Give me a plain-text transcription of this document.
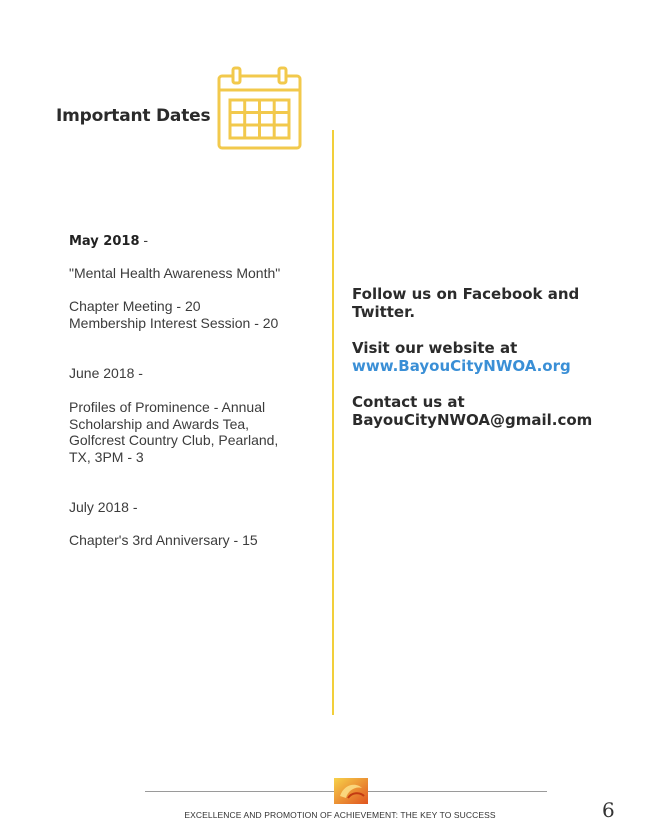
Important Dates
May 2018 -
"Mental Health Awareness Month"
Chapter Meeting - 20
Membership Interest Session - 20
June 2018 -
Profiles of Prominence - Annual
Scholarship and Awards Tea,
Golfcrest Country Club, Pearland,
TX, 3PM - 3
July 2018 -
Chapter's 3rd Anniversary - 15
Follow us on Facebook and
Twitter.
Visit our website at
www.BayouCityNWOA.org
Contact us at
BayouCityNWOA@gmail.com
EXCELLENCE AND PROMOTION OF ACHIEVEMENT: THE KEY TO SUCCESS	6
